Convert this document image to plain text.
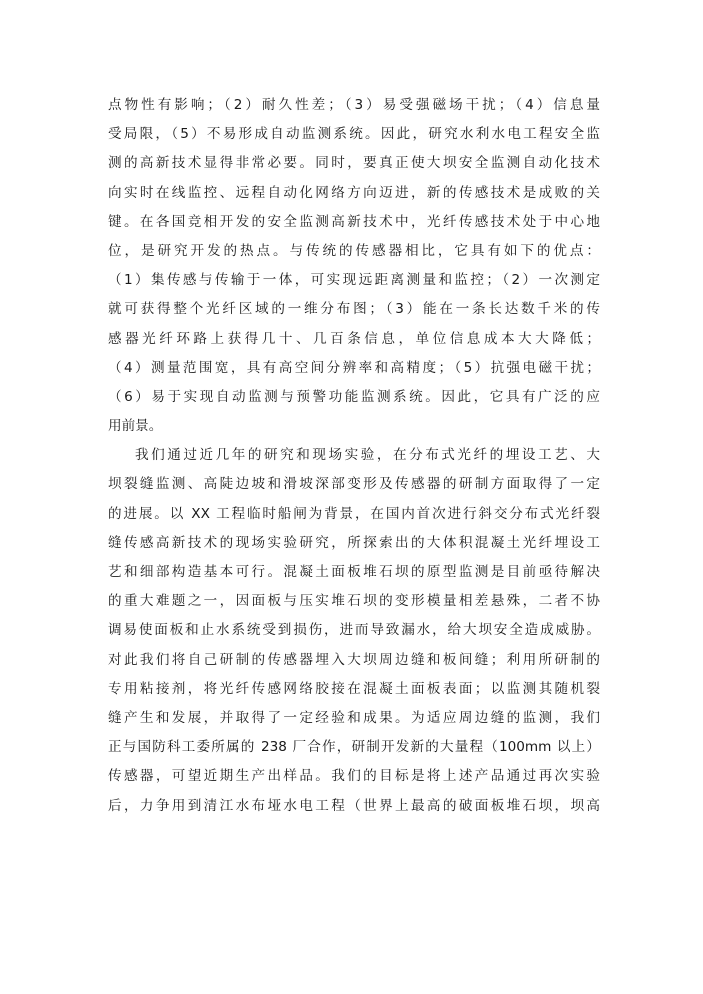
点物性有影响；（2）耐久性差；（3）易受强磁场干扰；（4）信息量
受局限，（5）不易形成自动监测系统。因此，研究水利水电工程安全监
测的高新技术显得非常必要。同时，要真正使大坝安全监测自动化技术
向实时在线监控、远程自动化网络方向迈进，新的传感技术是成败的关
键。在各国竞相开发的安全监测高新技术中，光纤传感技术处于中心地
位，是研究开发的热点。与传统的传感器相比，它具有如下的优点：
（1）集传感与传输于一体，可实现远距离测量和监控；（2）一次测定
就可获得整个光纤区域的一维分布图；（3）能在一条长达数千米的传
感器光纤环路上获得几十、几百条信息，单位信息成本大大降低；
（4）测量范围宽，具有高空间分辨率和高精度；（5）抗强电磁干扰；
（6）易于实现自动监测与预警功能监测系统。因此，它具有广泛的应
用前景。
我们通过近几年的研究和现场实验，在分布式光纤的埋设工艺、大
坝裂缝监测、高陡边坡和滑坡深部变形及传感器的研制方面取得了一定
的进展。以 XX 工程临时船闸为背景，在国内首次进行斜交分布式光纤裂
缝传感高新技术的现场实验研究，所探索出的大体积混凝土光纤埋设工
艺和细部构造基本可行。混凝土面板堆石坝的原型监测是目前亟待解决
的重大难题之一，因面板与压实堆石坝的变形模量相差悬殊，二者不协
调易使面板和止水系统受到损伤，进而导致漏水，给大坝安全造成威胁。
对此我们将自己研制的传感器埋入大坝周边缝和板间缝；利用所研制的
专用粘接剂，将光纤传感网络胶接在混凝土面板表面；以监测其随机裂
缝产生和发展，并取得了一定经验和成果。为适应周边缝的监测，我们
正与国防科工委所属的 238 厂合作，研制开发新的大量程（100mm 以上）
传感器，可望近期生产出样品。我们的目标是将上述产品通过再次实验
后，力争用到清江水布垭水电工程（世界上最高的破面板堆石坝，坝高
